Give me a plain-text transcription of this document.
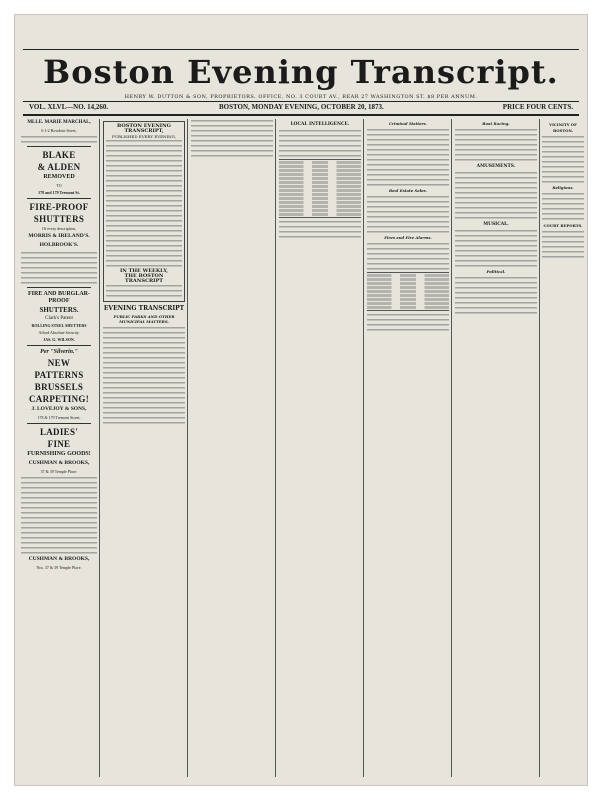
Boston Evening Transcript.
HENRY W. DUTTON & SON, PROPRIETORS. OFFICE, NO. 3 COURT AV., REAR 27 WASHINGTON ST. $8 PER ANNUM.
VOL. XLVI.—NO. 14,260.	BOSTON, MONDAY EVENING, OCTOBER 20, 1873.	PRICE FOUR CENTS.
MLLE. MARIE MARCHAL,
6 1-2 Bowdoin Street,

BLAKE
& ALDEN
REMOVED
TO
178 and 179 Tremont St.
FIRE-PROOF
SHUTTERS
Of every description,
MORRIS & IRELAND'S.
HOLBROOK'S.

FIRE AND BURGLAR-PROOF
SHUTTERS.
Clark's Patent
ROLLING STEEL SHUTTERS
Afford Absolute Security.
JAS. G. WILSON.
Per "Silverin."
NEW
PATTERNS
BRUSSELS
CARPETING!
J. LOVEJOY & SONS,
178 & 179 Tremont Street,
LADIES'
FINE
FURNISHING GOODS!
CUSHMAN & BROOKS,
37 & 39 Temple Place.

CUSHMAN & BROOKS,
Nos. 37 & 39 Temple Place.
BOSTON EVENING TRANSCRIPT,
PUBLISHED EVERY EVENING,

IN THE WEEKLY,
THE BOSTON TRANSCRIPT

EVENING TRANSCRIPT
PUBLIC PARKS AND OTHER MUNICIPAL MATTERS.

LOCAL INTELLIGENCE.	Criminal Matters.

Real Estate Sales.

Fires and Fire Alarms.

Boat Racing.

AMUSEMENTS.

MUSICAL.

Political.

VICINITY OF BOSTON.

Religious.

COURT REPORTS.
